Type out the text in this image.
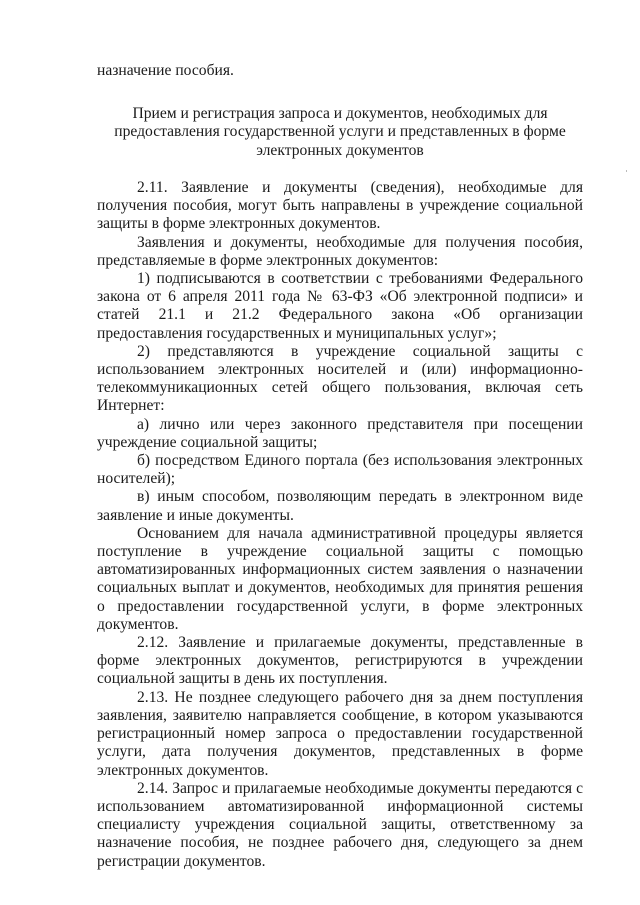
назначение пособия.

Прием и регистрация запроса и документов, необходимых для предоставления государственной услуги и представленных в форме электронных документов

2.11. Заявление и документы (сведения), необходимые для получения пособия, могут быть направлены в учреждение социальной защиты в форме электронных документов.

Заявления и документы, необходимые для получения пособия, представляемые в форме электронных документов:

1) подписываются в соответствии с требованиями Федерального закона от 6 апреля 2011 года № 63-ФЗ «Об электронной подписи» и статей 21.1 и 21.2 Федерального закона «Об организации предоставления государственных и муниципальных услуг»;

2) представляются в учреждение социальной защиты с использованием электронных носителей и (или) информационно-телекоммуникационных сетей общего пользования, включая сеть Интернет:

а) лично или через законного представителя при посещении учреждение социальной защиты;

б) посредством Единого портала (без использования электронных носителей);

в) иным способом, позволяющим передать в электронном виде заявление и иные документы.

Основанием для начала административной процедуры является поступление в учреждение социальной защиты с помощью автоматизированных информационных систем заявления о назначении социальных выплат и документов, необходимых для принятия решения о предоставлении государственной услуги, в форме электронных документов.

2.12. Заявление и прилагаемые документы, представленные в форме электронных документов, регистрируются в учреждении социальной защиты в день их поступления.

2.13. Не позднее следующего рабочего дня за днем поступления заявления, заявителю направляется сообщение, в котором указываются регистрационный номер запроса о предоставлении государственной услуги, дата получения документов, представленных в форме электронных документов.

2.14. Запрос и прилагаемые необходимые документы передаются с использованием автоматизированной информационной системы специалисту учреждения социальной защиты, ответственному за назначение пособия, не позднее рабочего дня, следующего за днем регистрации документов.
